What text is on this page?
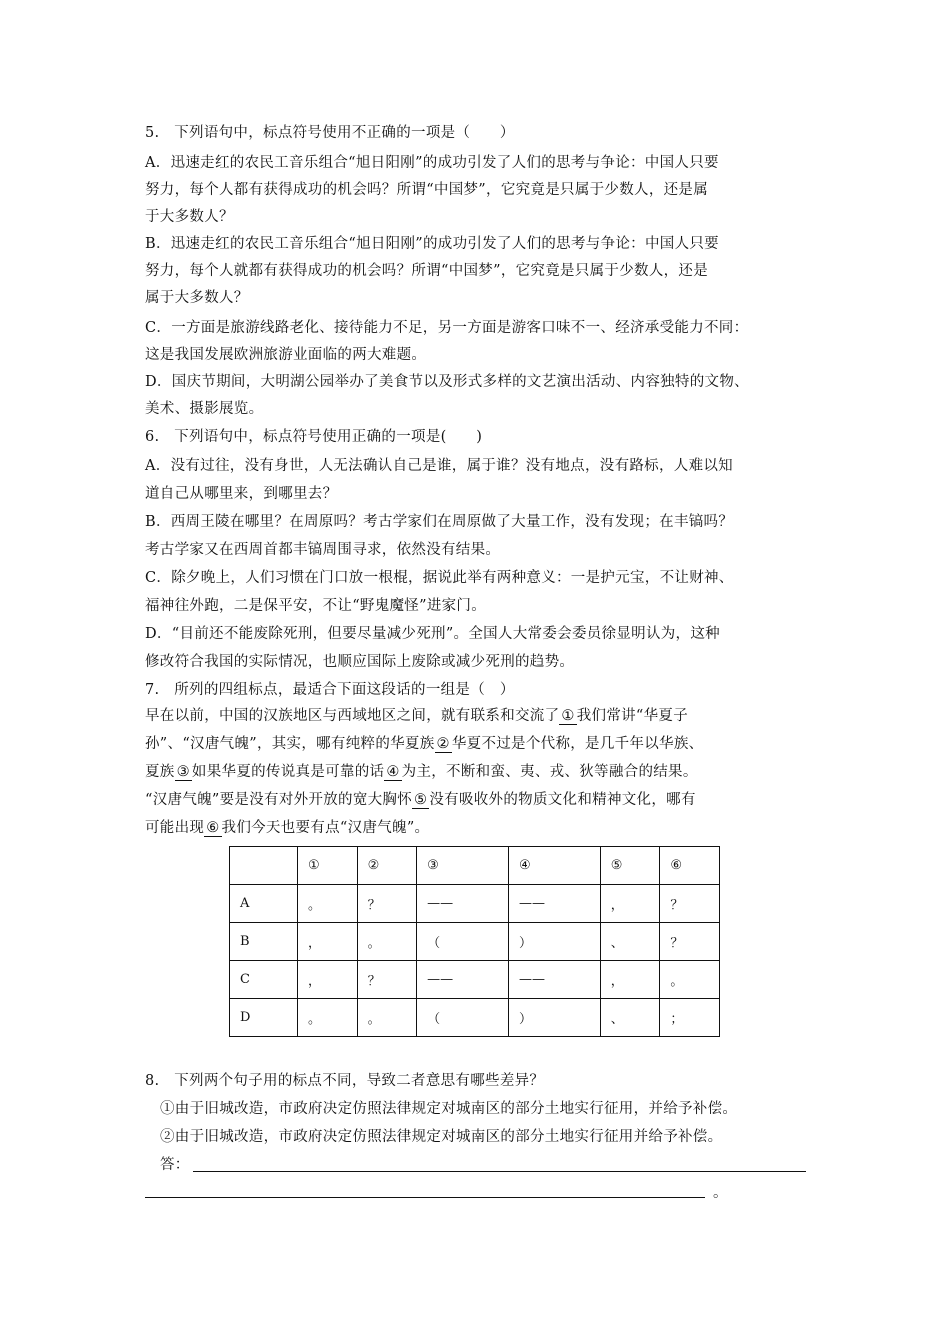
5.　下列语句中，标点符号使用不正确的一项是（　　）
A．迅速走红的农民工音乐组合“旭日阳刚”的成功引发了人们的思考与争论：中国人只要
努力，每个人都有获得成功的机会吗？所谓“中国梦”，它究竟是只属于少数人，还是属
于大多数人？
B．迅速走红的农民工音乐组合“旭日阳刚”的成功引发了人们的思考与争论：中国人只要
努力，每个人就都有获得成功的机会吗？所谓“中国梦”，它究竟是只属于少数人，还是
属于大多数人？
C．一方面是旅游线路老化、接待能力不足，另一方面是游客口味不一、经济承受能力不同：
这是我国发展欧洲旅游业面临的两大难题。
D．国庆节期间，大明湖公园举办了美食节以及形式多样的文艺演出活动、内容独特的文物、
美术、摄影展览。
6.　下列语句中，标点符号使用正确的一项是(　　)
A．没有过往，没有身世，人无法确认自己是谁，属于谁？没有地点，没有路标，人难以知
道自己从哪里来，到哪里去？
B．西周王陵在哪里？在周原吗？考古学家们在周原做了大量工作，没有发现；在丰镐吗？
考古学家又在西周首都丰镐周围寻求，依然没有结果。
C．除夕晚上，人们习惯在门口放一根棍，据说此举有两种意义：一是护元宝，不让财神、
福神往外跑，二是保平安，不让“野鬼魔怪”进家门。
D．“目前还不能废除死刑，但要尽量减少死刑”。全国人大常委会委员徐显明认为，这种
修改符合我国的实际情况，也顺应国际上废除或减少死刑的趋势。
7.　所列的四组标点，最适合下面这段话的一组是（　）
早在以前，中国的汉族地区与西域地区之间，就有联系和交流了 ① 我们常讲“华夏子
孙”、“汉唐气魄”，其实，哪有纯粹的华夏族 ② 华夏不过是个代称，是几千年以华族、
夏族 ③ 如果华夏的传说真是可靠的话 ④ 为主，不断和蛮、夷、戎、狄等融合的结果。
“汉唐气魄”要是没有对外开放的宽大胸怀 ⑤ 没有吸收外的物质文化和精神文化，哪有
可能出现 ⑥ 我们今天也要有点“汉唐气魄”。
	①	②	③	④	⑤	⑥
A	。	？	——	——	，	？
B	，	。	（	）	、	？
C	，	？	——	——	，	。
D	。	。	（	）	、	；
8.　下列两个句子用的标点不同，导致二者意思有哪些差异？
①由于旧城改造，市政府决定仿照法律规定对城南区的部分土地实行征用，并给予补偿。
②由于旧城改造，市政府决定仿照法律规定对城南区的部分土地实行征用并给予补偿。
答：
。
